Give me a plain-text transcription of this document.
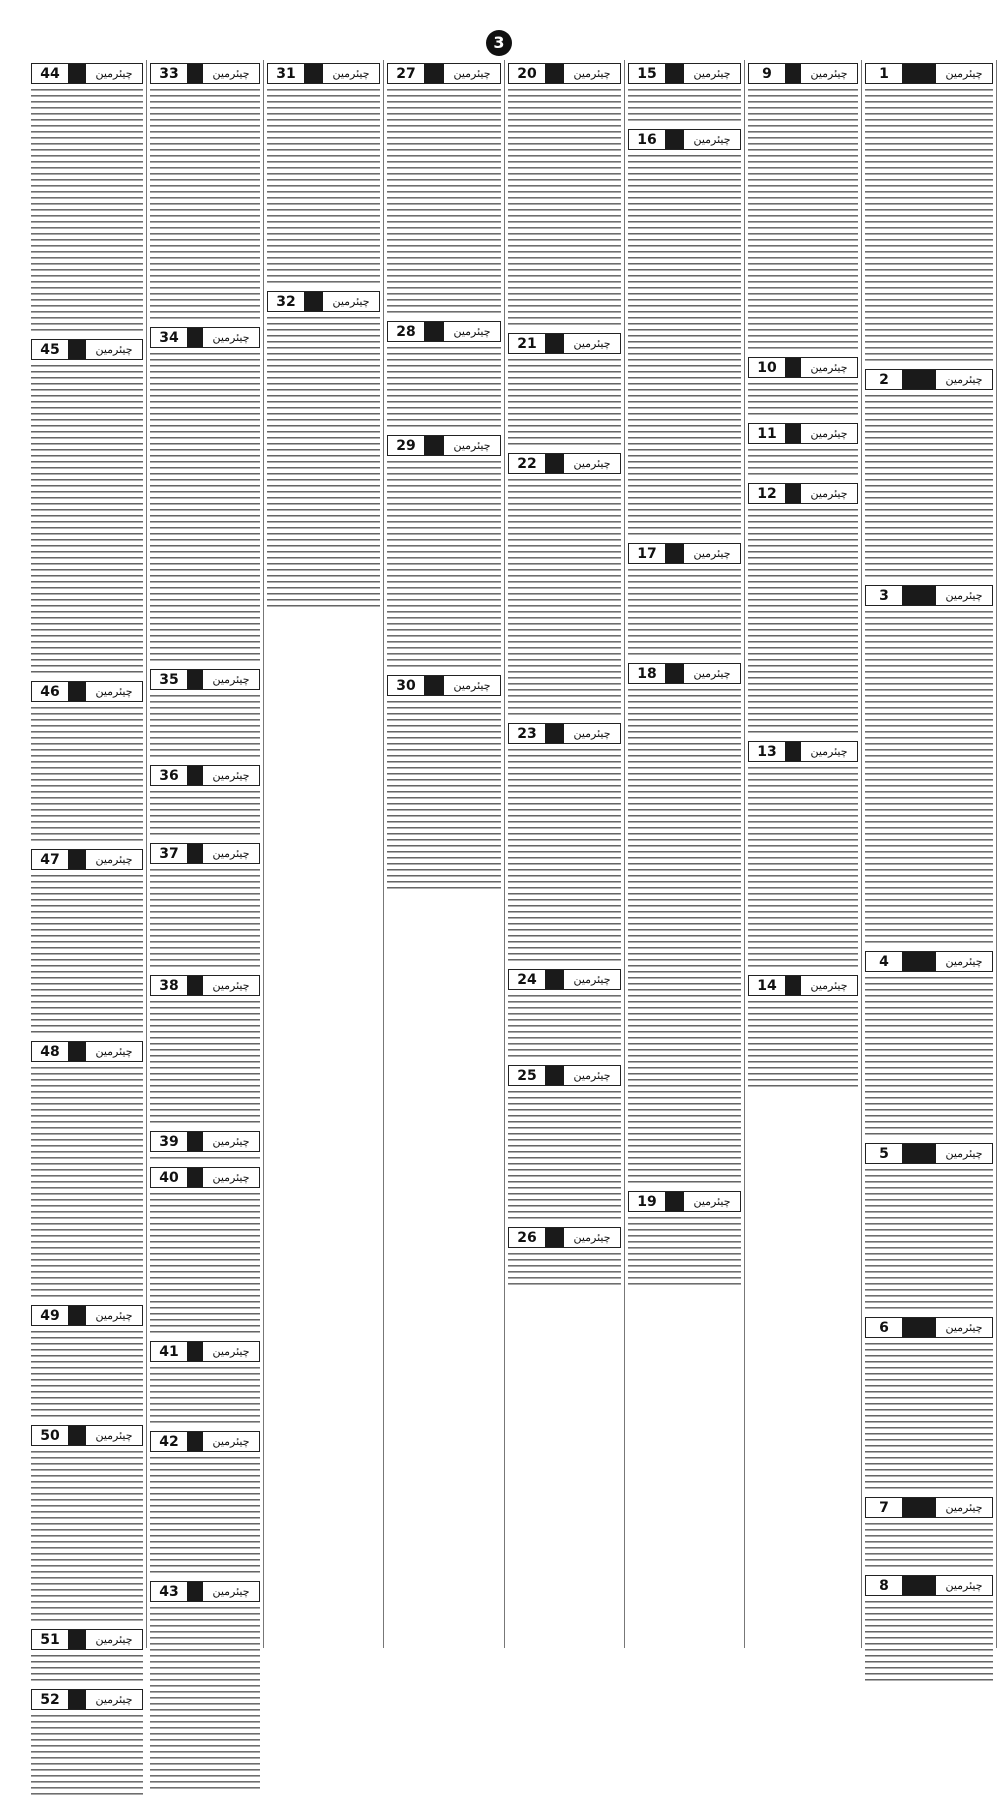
3
1	چیئرمین
2	چیئرمین
3	چیئرمین
4	چیئرمین
5	چیئرمین
6	چیئرمین
7	چیئرمین
8	چیئرمین
9	چیئرمین
10	چیئرمین
11	چیئرمین
12	چیئرمین
13	چیئرمین
14	چیئرمین
15	چیئرمین
16	چیئرمین
17	چیئرمین
18	چیئرمین
19	چیئرمین
20	چیئرمین
21	چیئرمین
22	چیئرمین
23	چیئرمین
24	چیئرمین
25	چیئرمین
26	چیئرمین
27	چیئرمین
28	چیئرمین
29	چیئرمین
30	چیئرمین
31	چیئرمین
32	چیئرمین
33	چیئرمین
34	چیئرمین
35	چیئرمین
36	چیئرمین
37	چیئرمین
38	چیئرمین
39	چیئرمین
40	چیئرمین
41	چیئرمین
42	چیئرمین
43	چیئرمین
44	چیئرمین
45	چیئرمین
46	چیئرمین
47	چیئرمین
48	چیئرمین
49	چیئرمین
50	چیئرمین
51	چیئرمین
52	چیئرمین
